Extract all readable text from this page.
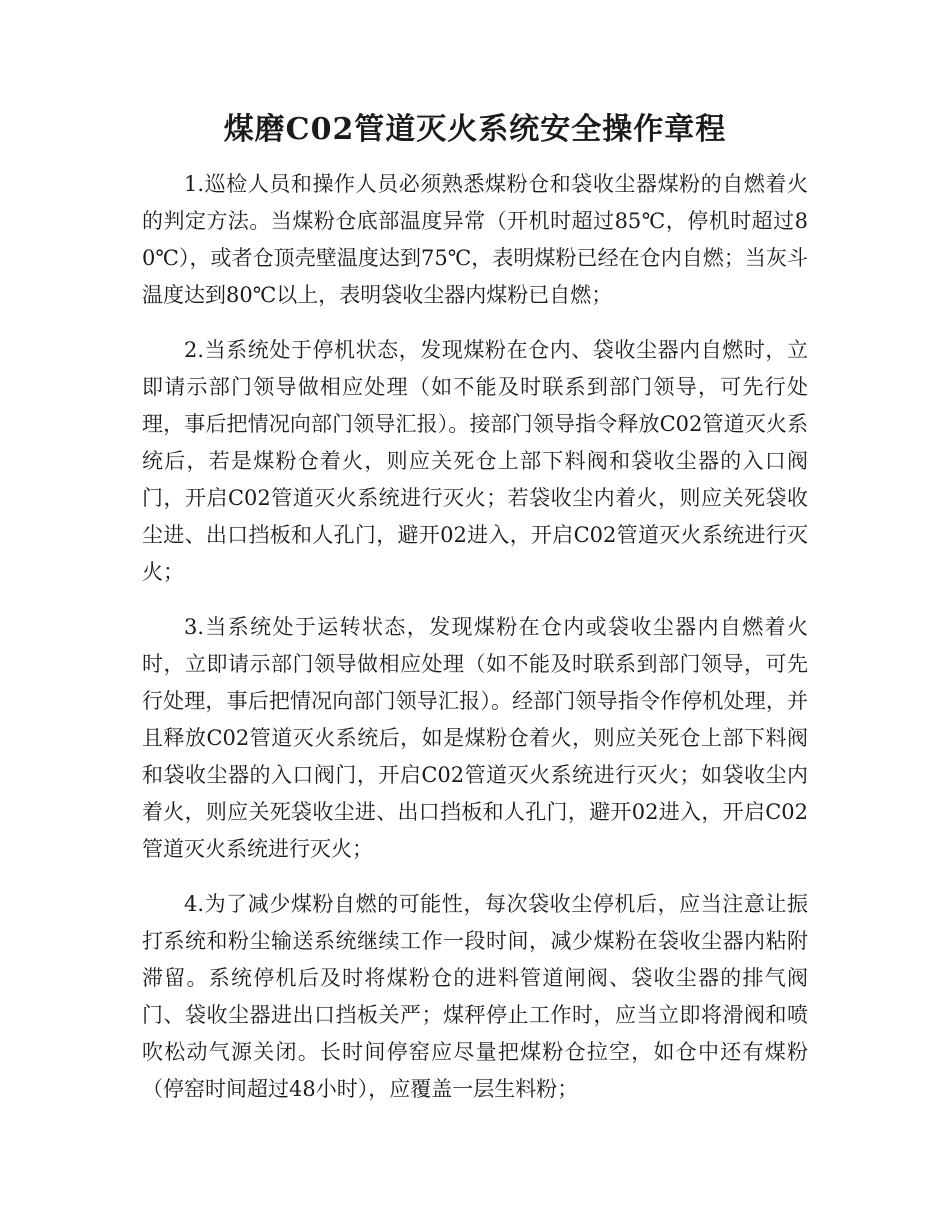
煤磨C02管道灭火系统安全操作章程

1.巡检人员和操作人员必须熟悉煤粉仓和袋收尘器煤粉的自燃着火的判定方法。当煤粉仓底部温度异常（开机时超过85℃，停机时超过80℃），或者仓顶壳壁温度达到75℃，表明煤粉已经在仓内自燃；当灰斗温度达到80℃以上，表明袋收尘器内煤粉已自燃；

2.当系统处于停机状态，发现煤粉在仓内、袋收尘器内自燃时，立即请示部门领导做相应处理（如不能及时联系到部门领导，可先行处理，事后把情况向部门领导汇报）。接部门领导指令释放C02管道灭火系统后，若是煤粉仓着火，则应关死仓上部下料阀和袋收尘器的入口阀门，开启C02管道灭火系统进行灭火；若袋收尘内着火，则应关死袋收尘进、出口挡板和人孔门，避开02进入，开启C02管道灭火系统进行灭火；

3.当系统处于运转状态，发现煤粉在仓内或袋收尘器内自燃着火时，立即请示部门领导做相应处理（如不能及时联系到部门领导，可先行处理，事后把情况向部门领导汇报）。经部门领导指令作停机处理，并且释放C02管道灭火系统后，如是煤粉仓着火，则应关死仓上部下料阀和袋收尘器的入口阀门，开启C02管道灭火系统进行灭火；如袋收尘内着火，则应关死袋收尘进、出口挡板和人孔门，避开02进入，开启C02管道灭火系统进行灭火；

4.为了减少煤粉自燃的可能性，每次袋收尘停机后，应当注意让振打系统和粉尘输送系统继续工作一段时间，减少煤粉在袋收尘器内粘附滞留。系统停机后及时将煤粉仓的进料管道闸阀、袋收尘器的排气阀门、袋收尘器进出口挡板关严；煤秤停止工作时，应当立即将滑阀和喷吹松动气源关闭。长时间停窑应尽量把煤粉仓拉空，如仓中还有煤粉（停窑时间超过48小时），应覆盖一层生料粉；
